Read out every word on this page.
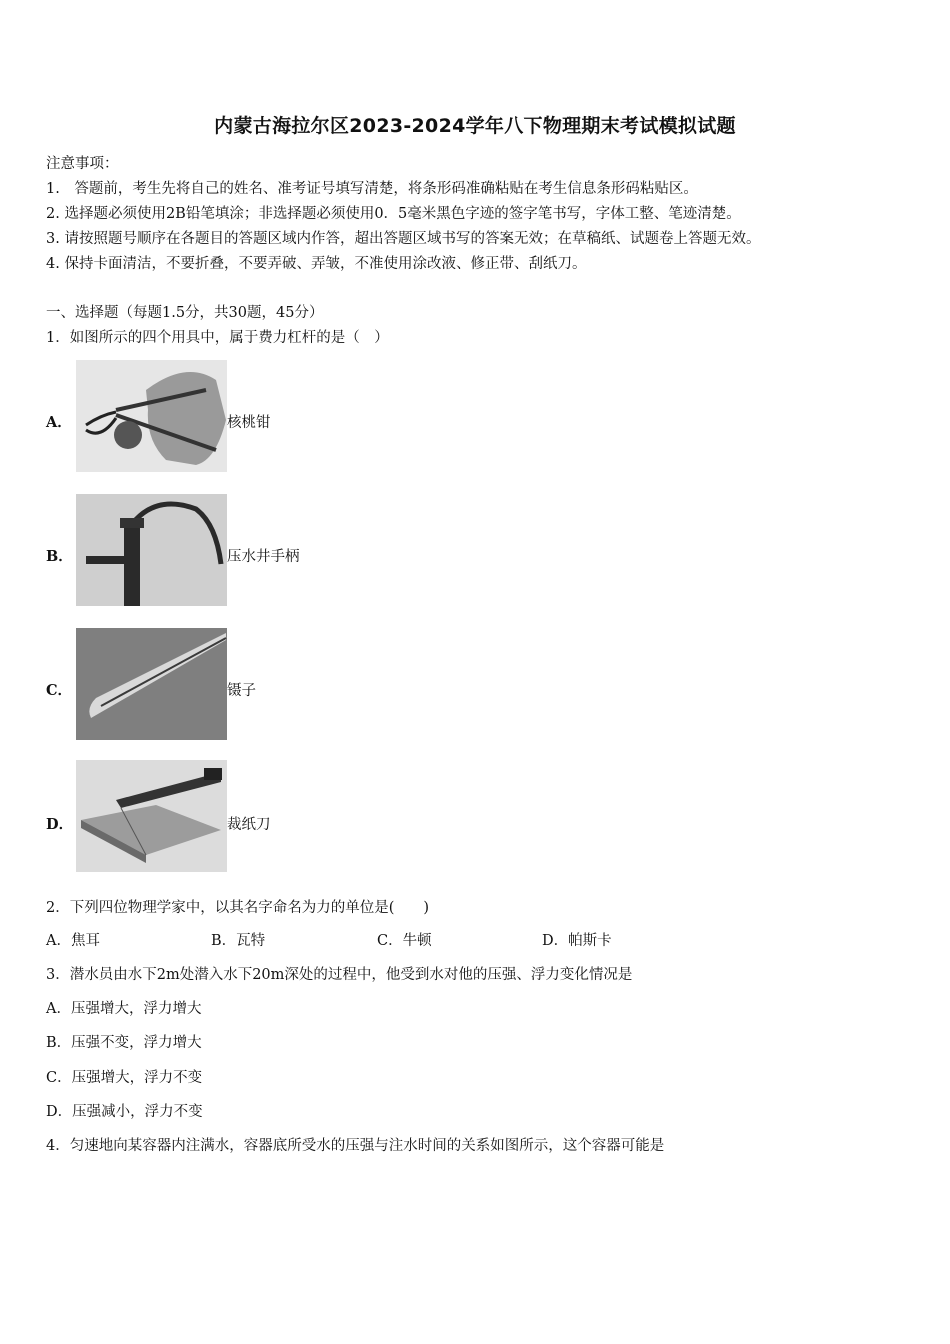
内蒙古海拉尔区2023-2024学年八下物理期末考试模拟试题
注意事项：
1.　答题前，考生先将自己的姓名、准考证号填写清楚，将条形码准确粘贴在考生信息条形码粘贴区。
2. 选择题必须使用2B铅笔填涂；非选择题必须使用0．5毫米黑色字迹的签字笔书写，字体工整、笔迹清楚。
3. 请按照题号顺序在各题目的答题区域内作答，超出答题区域书写的答案无效；在草稿纸、试题卷上答题无效。
4. 保持卡面清洁，不要折叠，不要弄破、弄皱，不准使用涂改液、修正带、刮纸刀。
一、选择题（每题1.5分，共30题，45分）
1．如图所示的四个用具中，属于费力杠杆的是（　）
A．	核桃钳
B．	压水井手柄
C．	镊子
D．	裁纸刀
2．下列四位物理学家中，以其名字命名为力的单位是(　　)
A．焦耳	B．瓦特	C．牛顿	D．帕斯卡
3．潜水员由水下2m处潜入水下20m深处的过程中，他受到水对他的压强、浮力变化情况是
A．压强增大，浮力增大
B．压强不变，浮力增大
C．压强增大，浮力不变
D．压强减小，浮力不变
4．匀速地向某容器内注满水，容器底所受水的压强与注水时间的关系如图所示，这个容器可能是
